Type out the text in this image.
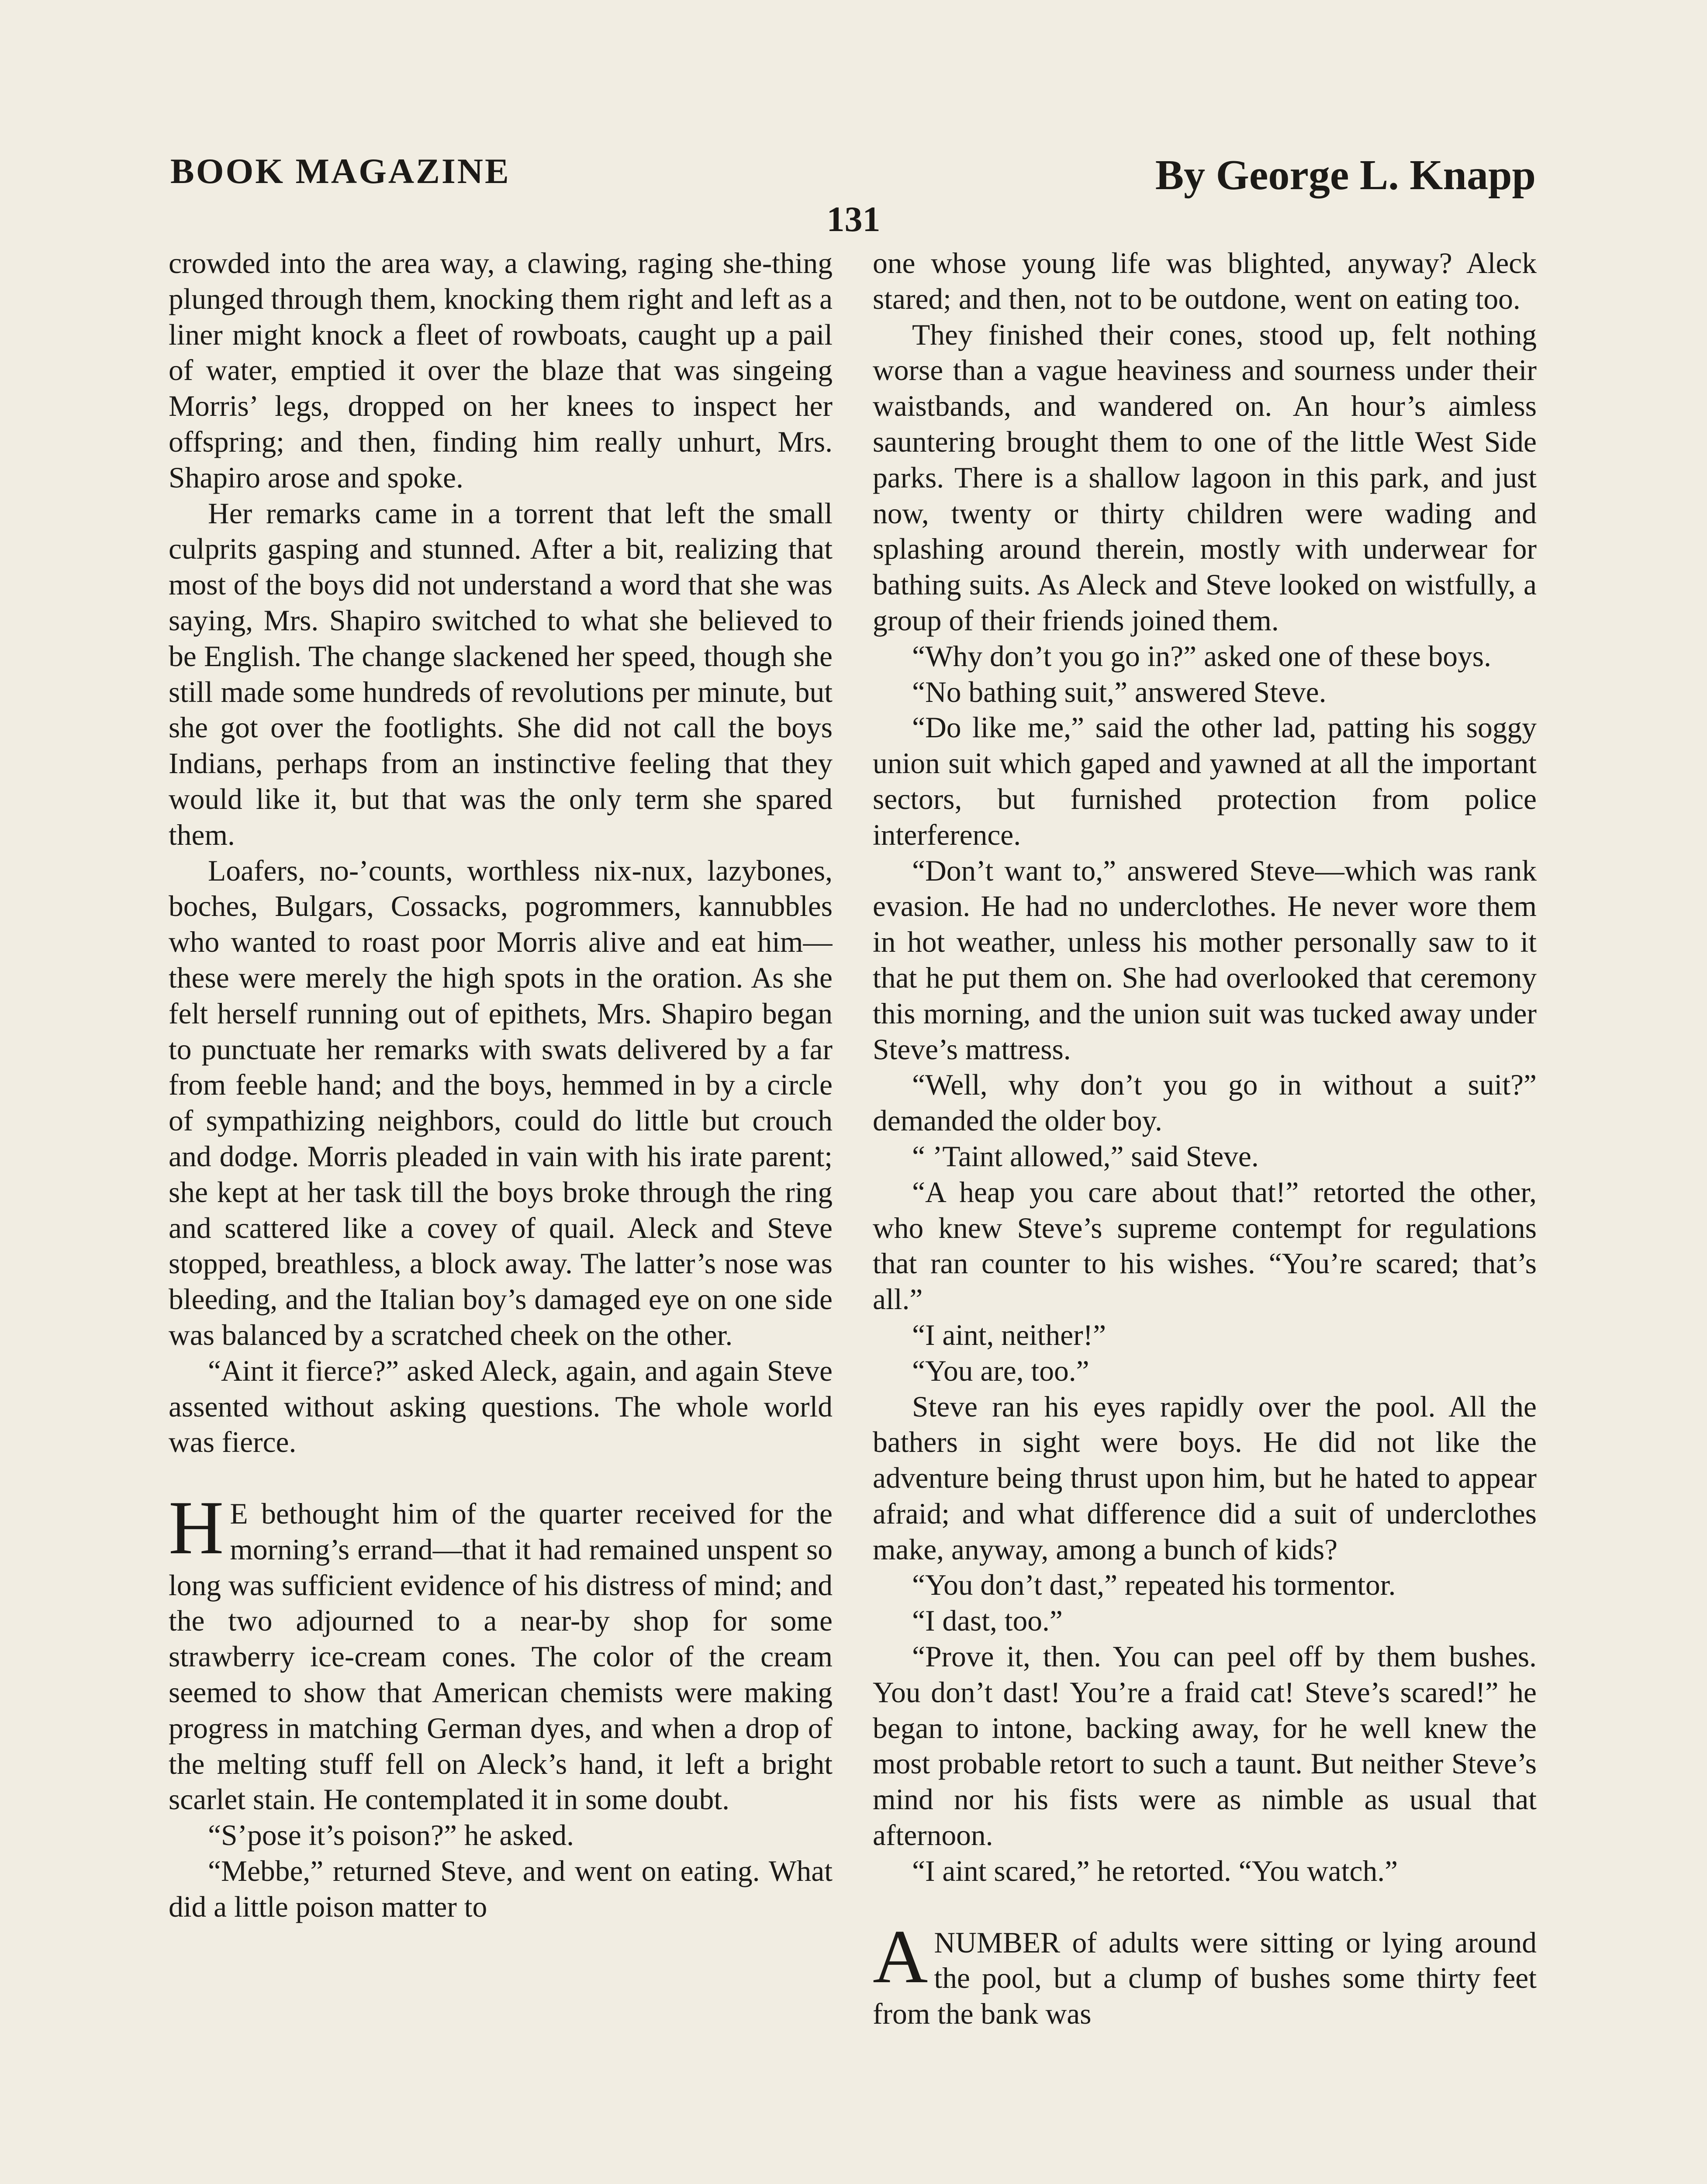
BOOK MAGAZINE	By George L. Knapp
131

crowded into the area way, a clawing, raging she-thing plunged through them, knocking them right and left as a liner might knock a fleet of rowboats, caught up a pail of water, emptied it over the blaze that was singeing Morris’ legs, dropped on her knees to inspect her offspring; and then, finding him really unhurt, Mrs. Shapiro arose and spoke.

Her remarks came in a torrent that left the small culprits gasping and stunned. After a bit, realizing that most of the boys did not understand a word that she was saying, Mrs. Shapiro switched to what she believed to be English. The change slackened her speed, though she still made some hundreds of revolutions per minute, but she got over the footlights. She did not call the boys Indians, perhaps from an instinctive feeling that they would like it, but that was the only term she spared them.

Loafers, no-’counts, worthless nix-nux, lazybones, boches, Bulgars, Cossacks, pogrommers, kannubbles who wanted to roast poor Morris alive and eat him—these were merely the high spots in the oration. As she felt herself running out of epithets, Mrs. Shapiro began to punctuate her remarks with swats delivered by a far from feeble hand; and the boys, hemmed in by a circle of sympathizing neighbors, could do little but crouch and dodge. Morris pleaded in vain with his irate parent; she kept at her task till the boys broke through the ring and scattered like a covey of quail. Aleck and Steve stopped, breathless, a block away. The latter’s nose was bleeding, and the Italian boy’s damaged eye on one side was balanced by a scratched cheek on the other.

“Aint it fierce?” asked Aleck, again, and again Steve assented without asking questions. The whole world was fierce.

H E bethought him of the quarter received for the morning’s errand—that it had remained unspent so long was sufficient evidence of his distress of mind; and the two adjourned to a near-by shop for some strawberry ice-cream cones. The color of the cream seemed to show that American chemists were making progress in matching German dyes, and when a drop of the melting stuff fell on Aleck’s hand, it left a bright scarlet stain. He contemplated it in some doubt.

“S’pose it’s poison?” he asked.

“Mebbe,” returned Steve, and went on eating. What did a little poison matter to

one whose young life was blighted, anyway? Aleck stared; and then, not to be outdone, went on eating too.

They finished their cones, stood up, felt nothing worse than a vague heaviness and sourness under their waistbands, and wandered on. An hour’s aimless sauntering brought them to one of the little West Side parks. There is a shallow lagoon in this park, and just now, twenty or thirty children were wading and splashing around therein, mostly with underwear for bathing suits. As Aleck and Steve looked on wistfully, a group of their friends joined them.

“Why don’t you go in?” asked one of these boys.

“No bathing suit,” answered Steve.

“Do like me,” said the other lad, patting his soggy union suit which gaped and yawned at all the important sectors, but furnished protection from police interference.

“Don’t want to,” answered Steve—which was rank evasion. He had no underclothes. He never wore them in hot weather, unless his mother personally saw to it that he put them on. She had overlooked that ceremony this morning, and the union suit was tucked away under Steve’s mattress.

“Well, why don’t you go in without a suit?” demanded the older boy.

“ ’Taint allowed,” said Steve.

“A heap you care about that!” retorted the other, who knew Steve’s supreme contempt for regulations that ran counter to his wishes. “You’re scared; that’s all.”

“I aint, neither!”

“You are, too.”

Steve ran his eyes rapidly over the pool. All the bathers in sight were boys. He did not like the adventure being thrust upon him, but he hated to appear afraid; and what difference did a suit of underclothes make, anyway, among a bunch of kids?

“You don’t dast,” repeated his tormentor.

“I dast, too.”

“Prove it, then. You can peel off by them bushes. You don’t dast! You’re a fraid cat! Steve’s scared!” he began to intone, backing away, for he well knew the most probable retort to such a taunt. But neither Steve’s mind nor his fists were as nimble as usual that afternoon.

“I aint scared,” he retorted. “You watch.”

ANUMBER of adults were sitting or lying around the pool, but a clump of bushes some thirty feet from the bank was
